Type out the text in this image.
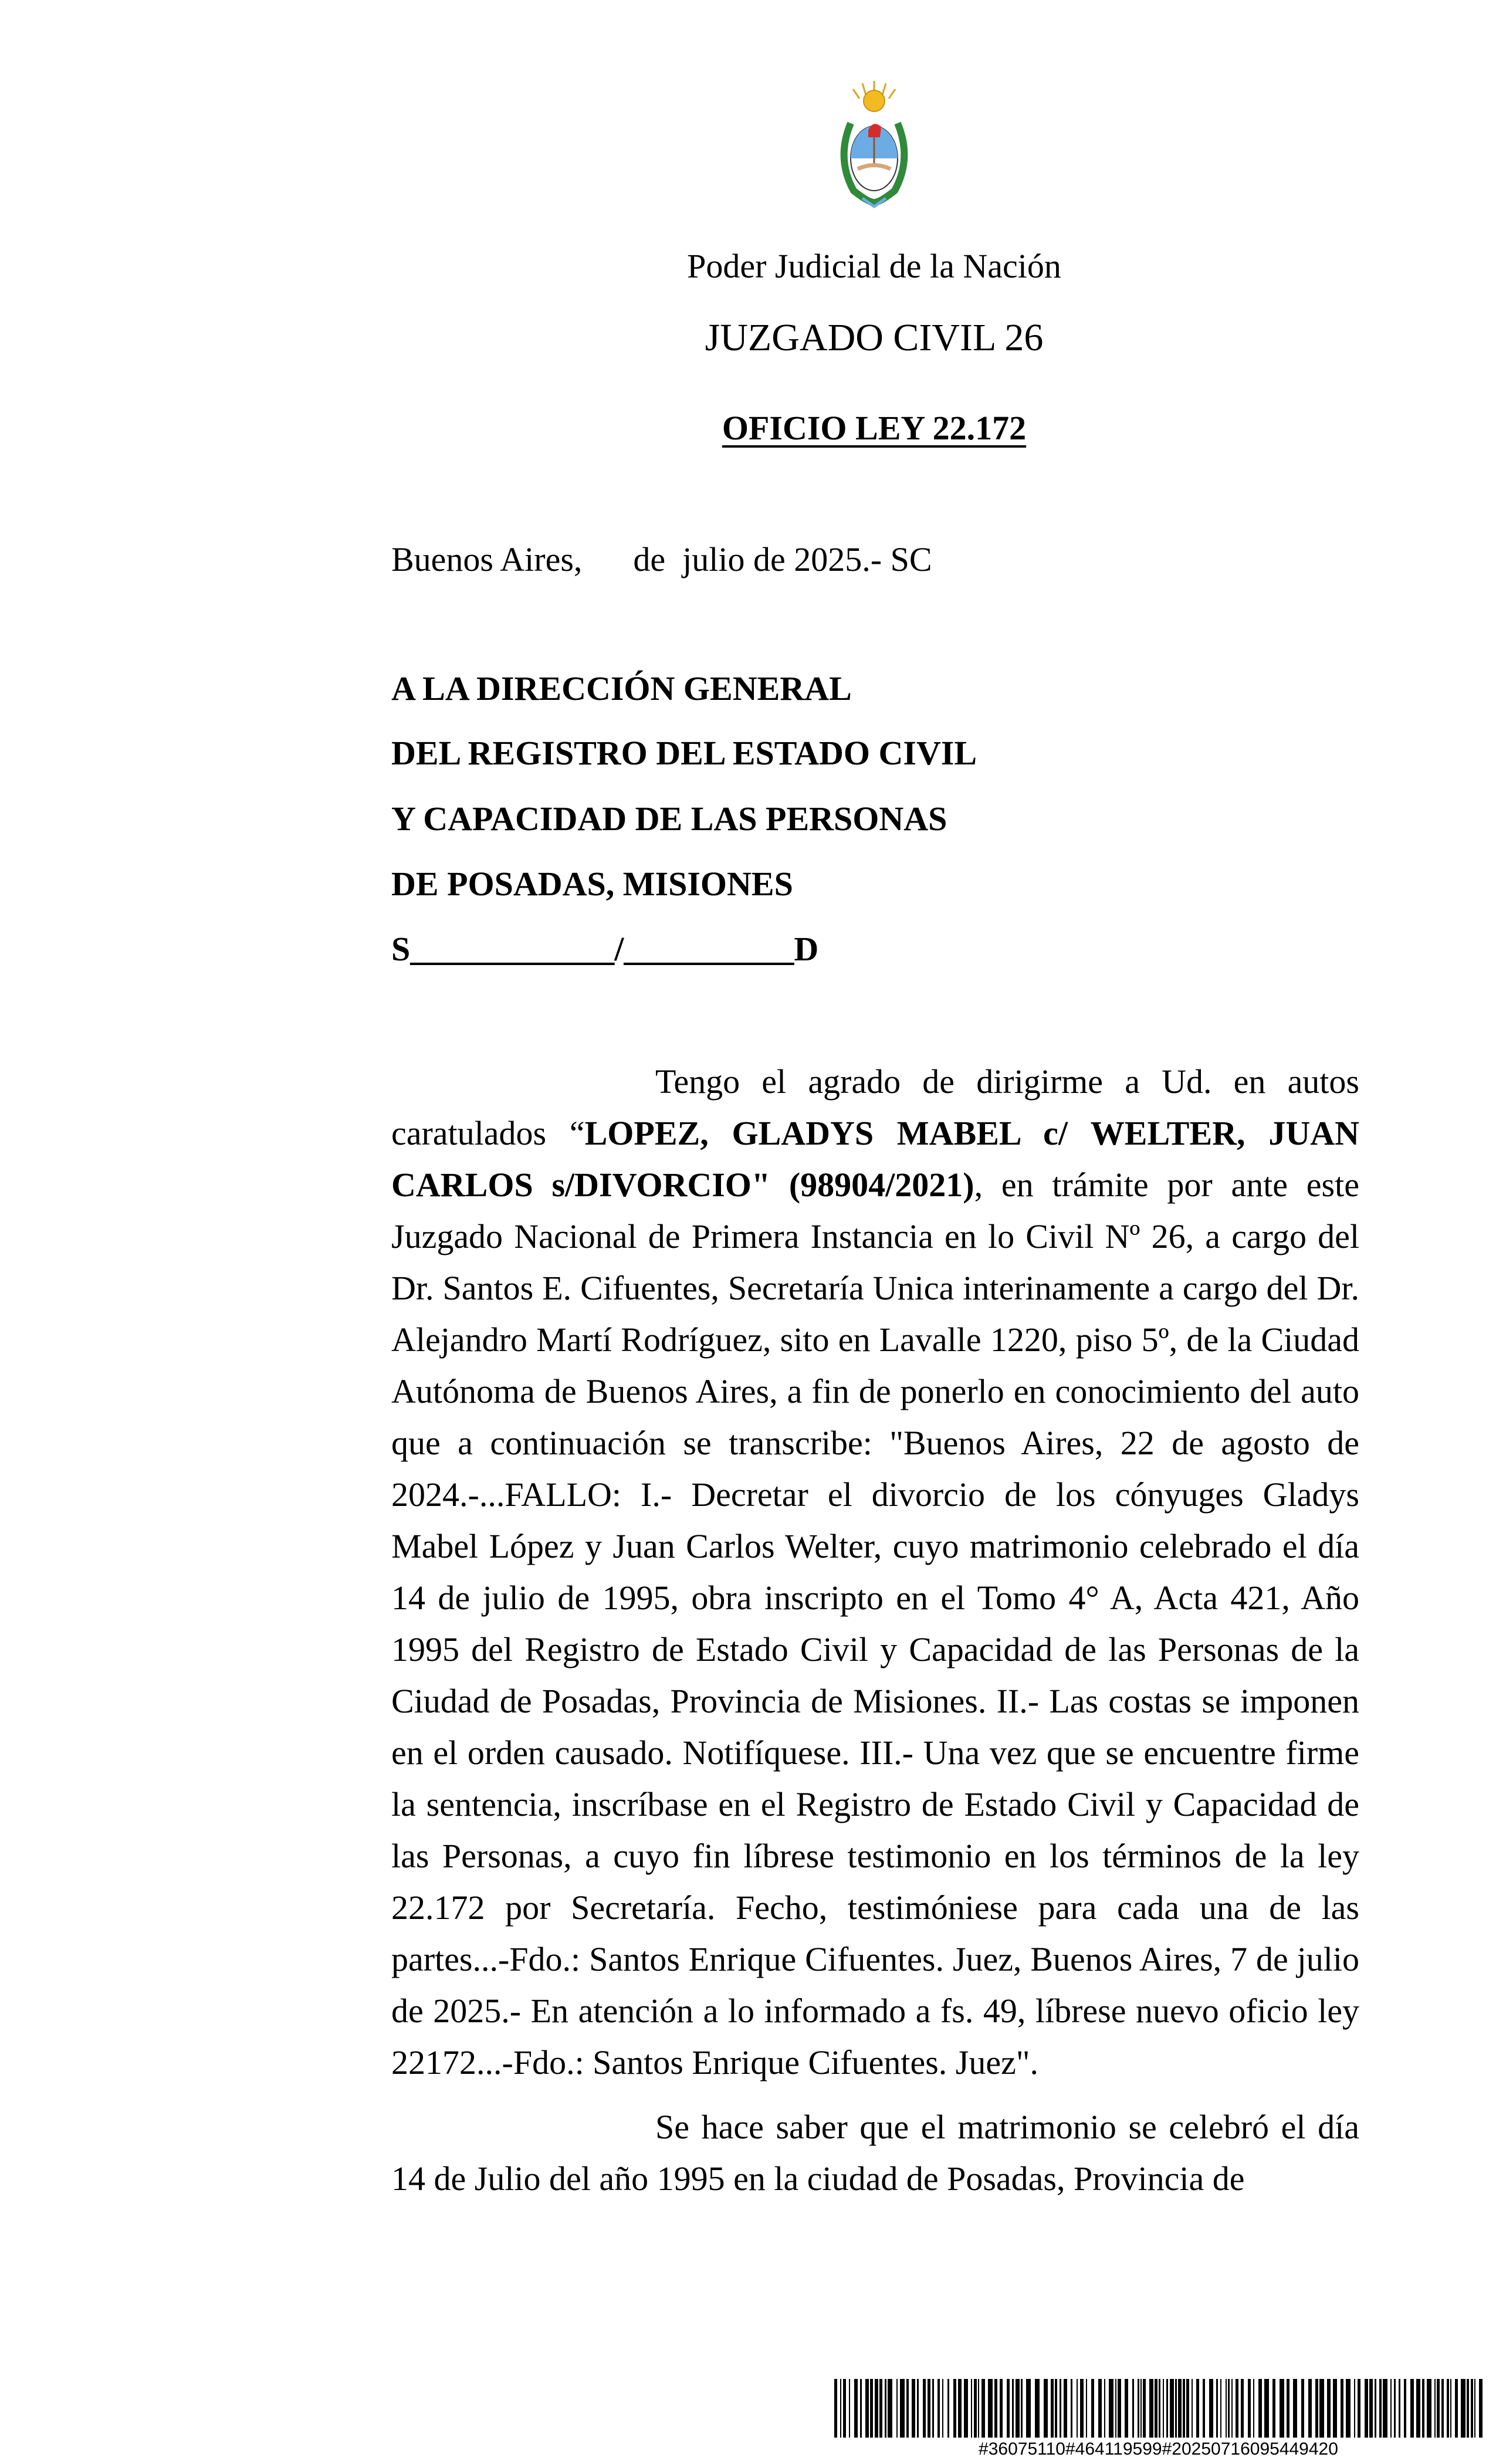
Poder Judicial de la Nación
JUZGADO CIVIL 26
OFICIO LEY 22.172
Buenos Aires,      de  julio de 2025.- SC
A LA DIRECCIÓN GENERAL
DEL REGISTRO DEL ESTADO CIVIL
Y CAPACIDAD DE LAS PERSONAS
DE POSADAS, MISIONES
S____________/__________D

Tengo el agrado de dirigirme a Ud. en autos caratulados “LOPEZ, GLADYS MABEL c/ WELTER, JUAN CARLOS s/DIVORCIO" (98904/2021), en trámite por ante este Juzgado Nacional de Primera Instancia en lo Civil Nº 26, a cargo del Dr. Santos E. Cifuentes, Secretaría Unica interinamente a cargo del Dr. Alejandro Martí Rodríguez, sito en Lavalle 1220, piso 5º, de la Ciudad Autónoma de Buenos Aires, a fin de ponerlo en conocimiento del auto que a continuación se transcribe: "Buenos Aires, 22 de agosto de 2024.-...FALLO: I.- Decretar el divorcio de los cónyuges Gladys Mabel López y Juan Carlos Welter, cuyo matrimonio celebrado el día 14 de julio de 1995, obra inscripto en el Tomo 4° A, Acta 421, Año 1995 del Registro de Estado Civil y Capacidad de las Personas de la Ciudad de Posadas, Provincia de Misiones. II.- Las costas se imponen en el orden causado. Notifíquese. III.- Una vez que se encuentre firme la sentencia, inscríbase en el Registro de Estado Civil y Capacidad de las Personas, a cuyo fin líbrese testimonio en los términos de la ley 22.172 por Secretaría. Fecho, testimóniese para cada una de las partes...-Fdo.: Santos Enrique Cifuentes. Juez, Buenos Aires, 7 de julio de 2025.- En atención a lo informado a fs. 49, líbrese nuevo oficio ley 22172...-Fdo.: Santos Enrique Cifuentes. Juez".

Se hace saber que el matrimonio se celebró el día 14 de Julio del año 1995 en la ciudad de Posadas, Provincia de

#36075110#464119599#20250716095449420
